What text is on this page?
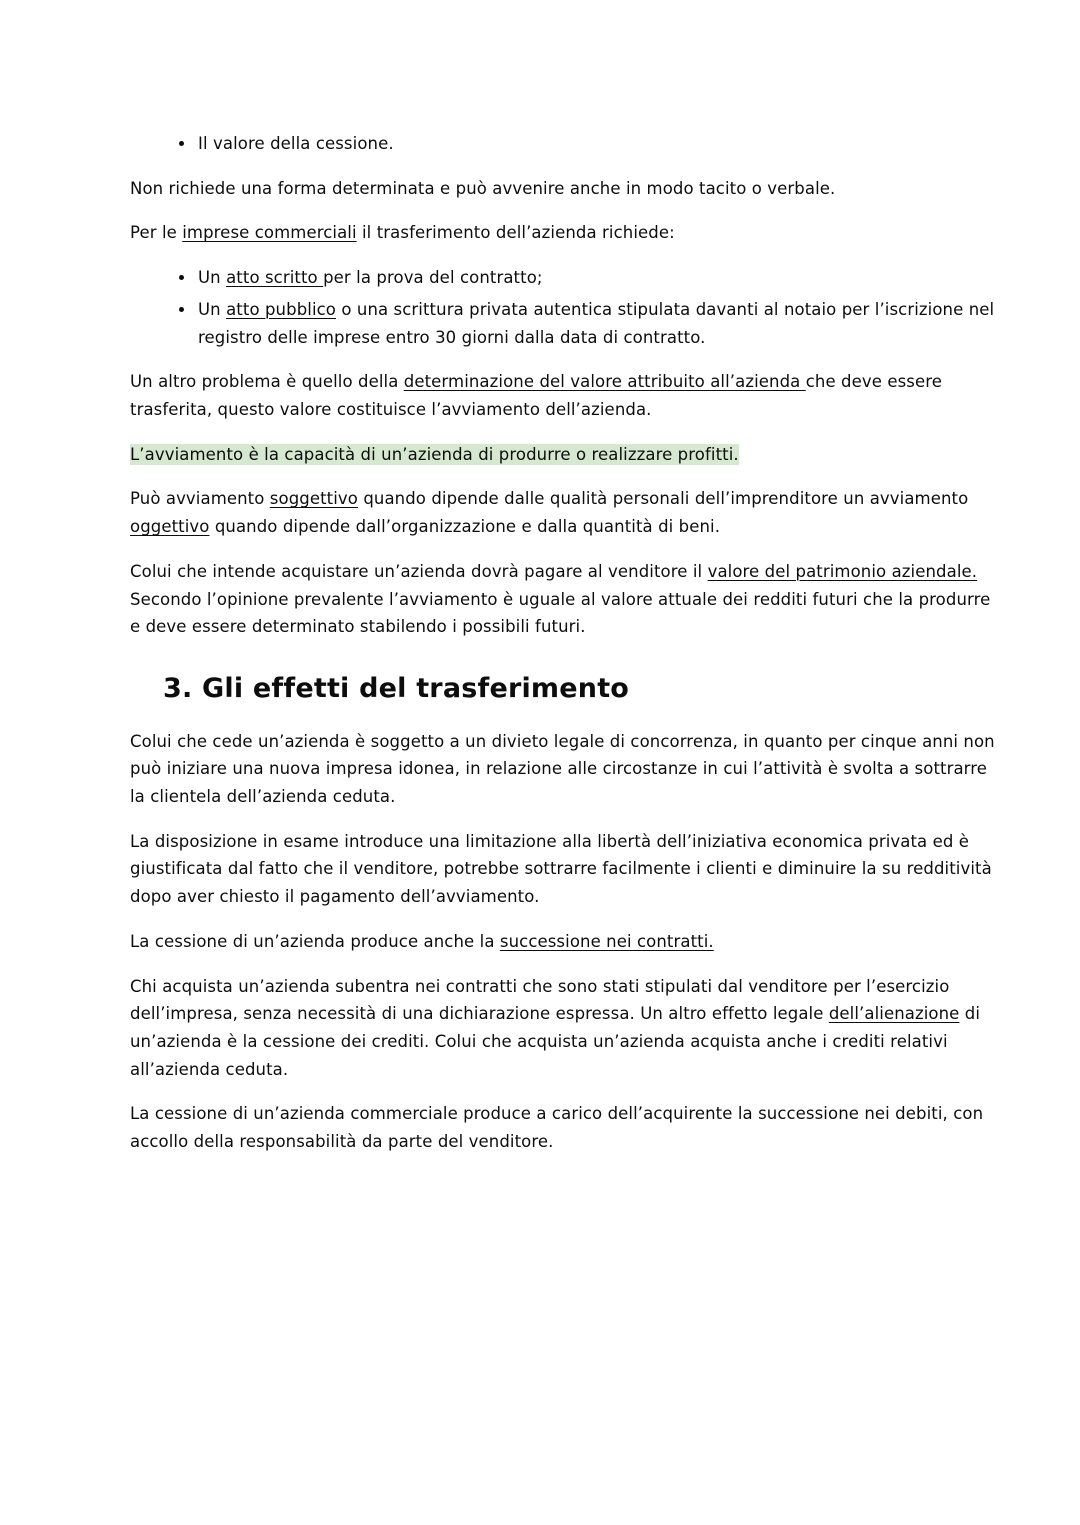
• Il valore della cessione.

Non richiede una forma determinata e può avvenire anche in modo tacito o verbale.

Per le imprese commerciali il trasferimento dell’azienda richiede:

• Un atto scritto per la prova del contratto;
• Un atto pubblico o una scrittura privata autentica stipulata davanti al notaio per l’iscrizione nel registro delle imprese entro 30 giorni dalla data di contratto.

Un altro problema è quello della determinazione del valore attribuito all’azienda che deve essere trasferita, questo valore costituisce l’avviamento dell’azienda.

L’avviamento è la capacità di un’azienda di produrre o realizzare profitti.

Può avviamento soggettivo quando dipende dalle qualità personali dell’imprenditore un avviamento oggettivo quando dipende dall’organizzazione e dalla quantità di beni.

Colui che intende acquistare un’azienda dovrà pagare al venditore il valore del patrimonio aziendale. Secondo l’opinione prevalente l’avviamento è uguale al valore attuale dei redditi futuri che la produrre e deve essere determinato stabilendo i possibili futuri.

3. Gli effetti del trasferimento

Colui che cede un’azienda è soggetto a un divieto legale di concorrenza, in quanto per cinque anni non può iniziare una nuova impresa idonea, in relazione alle circostanze in cui l’attività è svolta a sottrarre la clientela dell’azienda ceduta.

La disposizione in esame introduce una limitazione alla libertà dell’iniziativa economica privata ed è giustificata dal fatto che il venditore, potrebbe sottrarre facilmente i clienti e diminuire la su redditività dopo aver chiesto il pagamento dell’avviamento.

La cessione di un’azienda produce anche la successione nei contratti.

Chi acquista un’azienda subentra nei contratti che sono stati stipulati dal venditore per l’esercizio dell’impresa, senza necessità di una dichiarazione espressa. Un altro effetto legale dell’alienazione di un’azienda è la cessione dei crediti. Colui che acquista un’azienda acquista anche i crediti relativi all’azienda ceduta.

La cessione di un’azienda commerciale produce a carico dell’acquirente la successione nei debiti, con accollo della responsabilità da parte del venditore.
